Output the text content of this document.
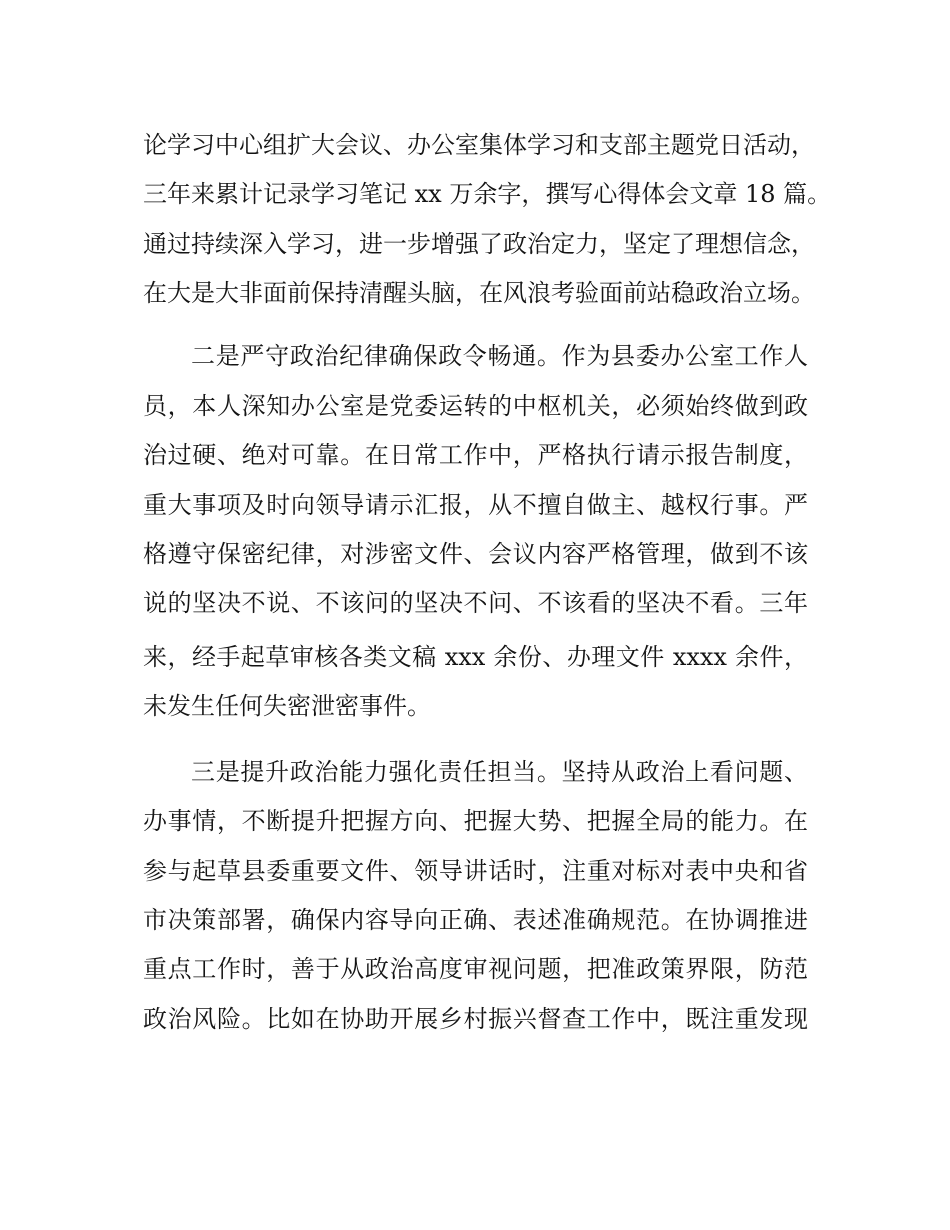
论学习中心组扩大会议、办公室集体学习和支部主题党日活动，
三年来累计记录学习笔记 xx 万余字，撰写心得体会文章 18 篇。
通过持续深入学习，进一步增强了政治定力，坚定了理想信念，
在大是大非面前保持清醒头脑，在风浪考验面前站稳政治立场。
二是严守政治纪律确保政令畅通。作为县委办公室工作人
员，本人深知办公室是党委运转的中枢机关，必须始终做到政
治过硬、绝对可靠。在日常工作中，严格执行请示报告制度，
重大事项及时向领导请示汇报，从不擅自做主、越权行事。严
格遵守保密纪律，对涉密文件、会议内容严格管理，做到不该
说的坚决不说、不该问的坚决不问、不该看的坚决不看。三年
来，经手起草审核各类文稿 xxx 余份、办理文件 xxxx 余件，
未发生任何失密泄密事件。
三是提升政治能力强化责任担当。坚持从政治上看问题、
办事情，不断提升把握方向、把握大势、把握全局的能力。在
参与起草县委重要文件、领导讲话时，注重对标对表中央和省
市决策部署，确保内容导向正确、表述准确规范。在协调推进
重点工作时，善于从政治高度审视问题，把准政策界限，防范
政治风险。比如在协助开展乡村振兴督查工作中，既注重发现
